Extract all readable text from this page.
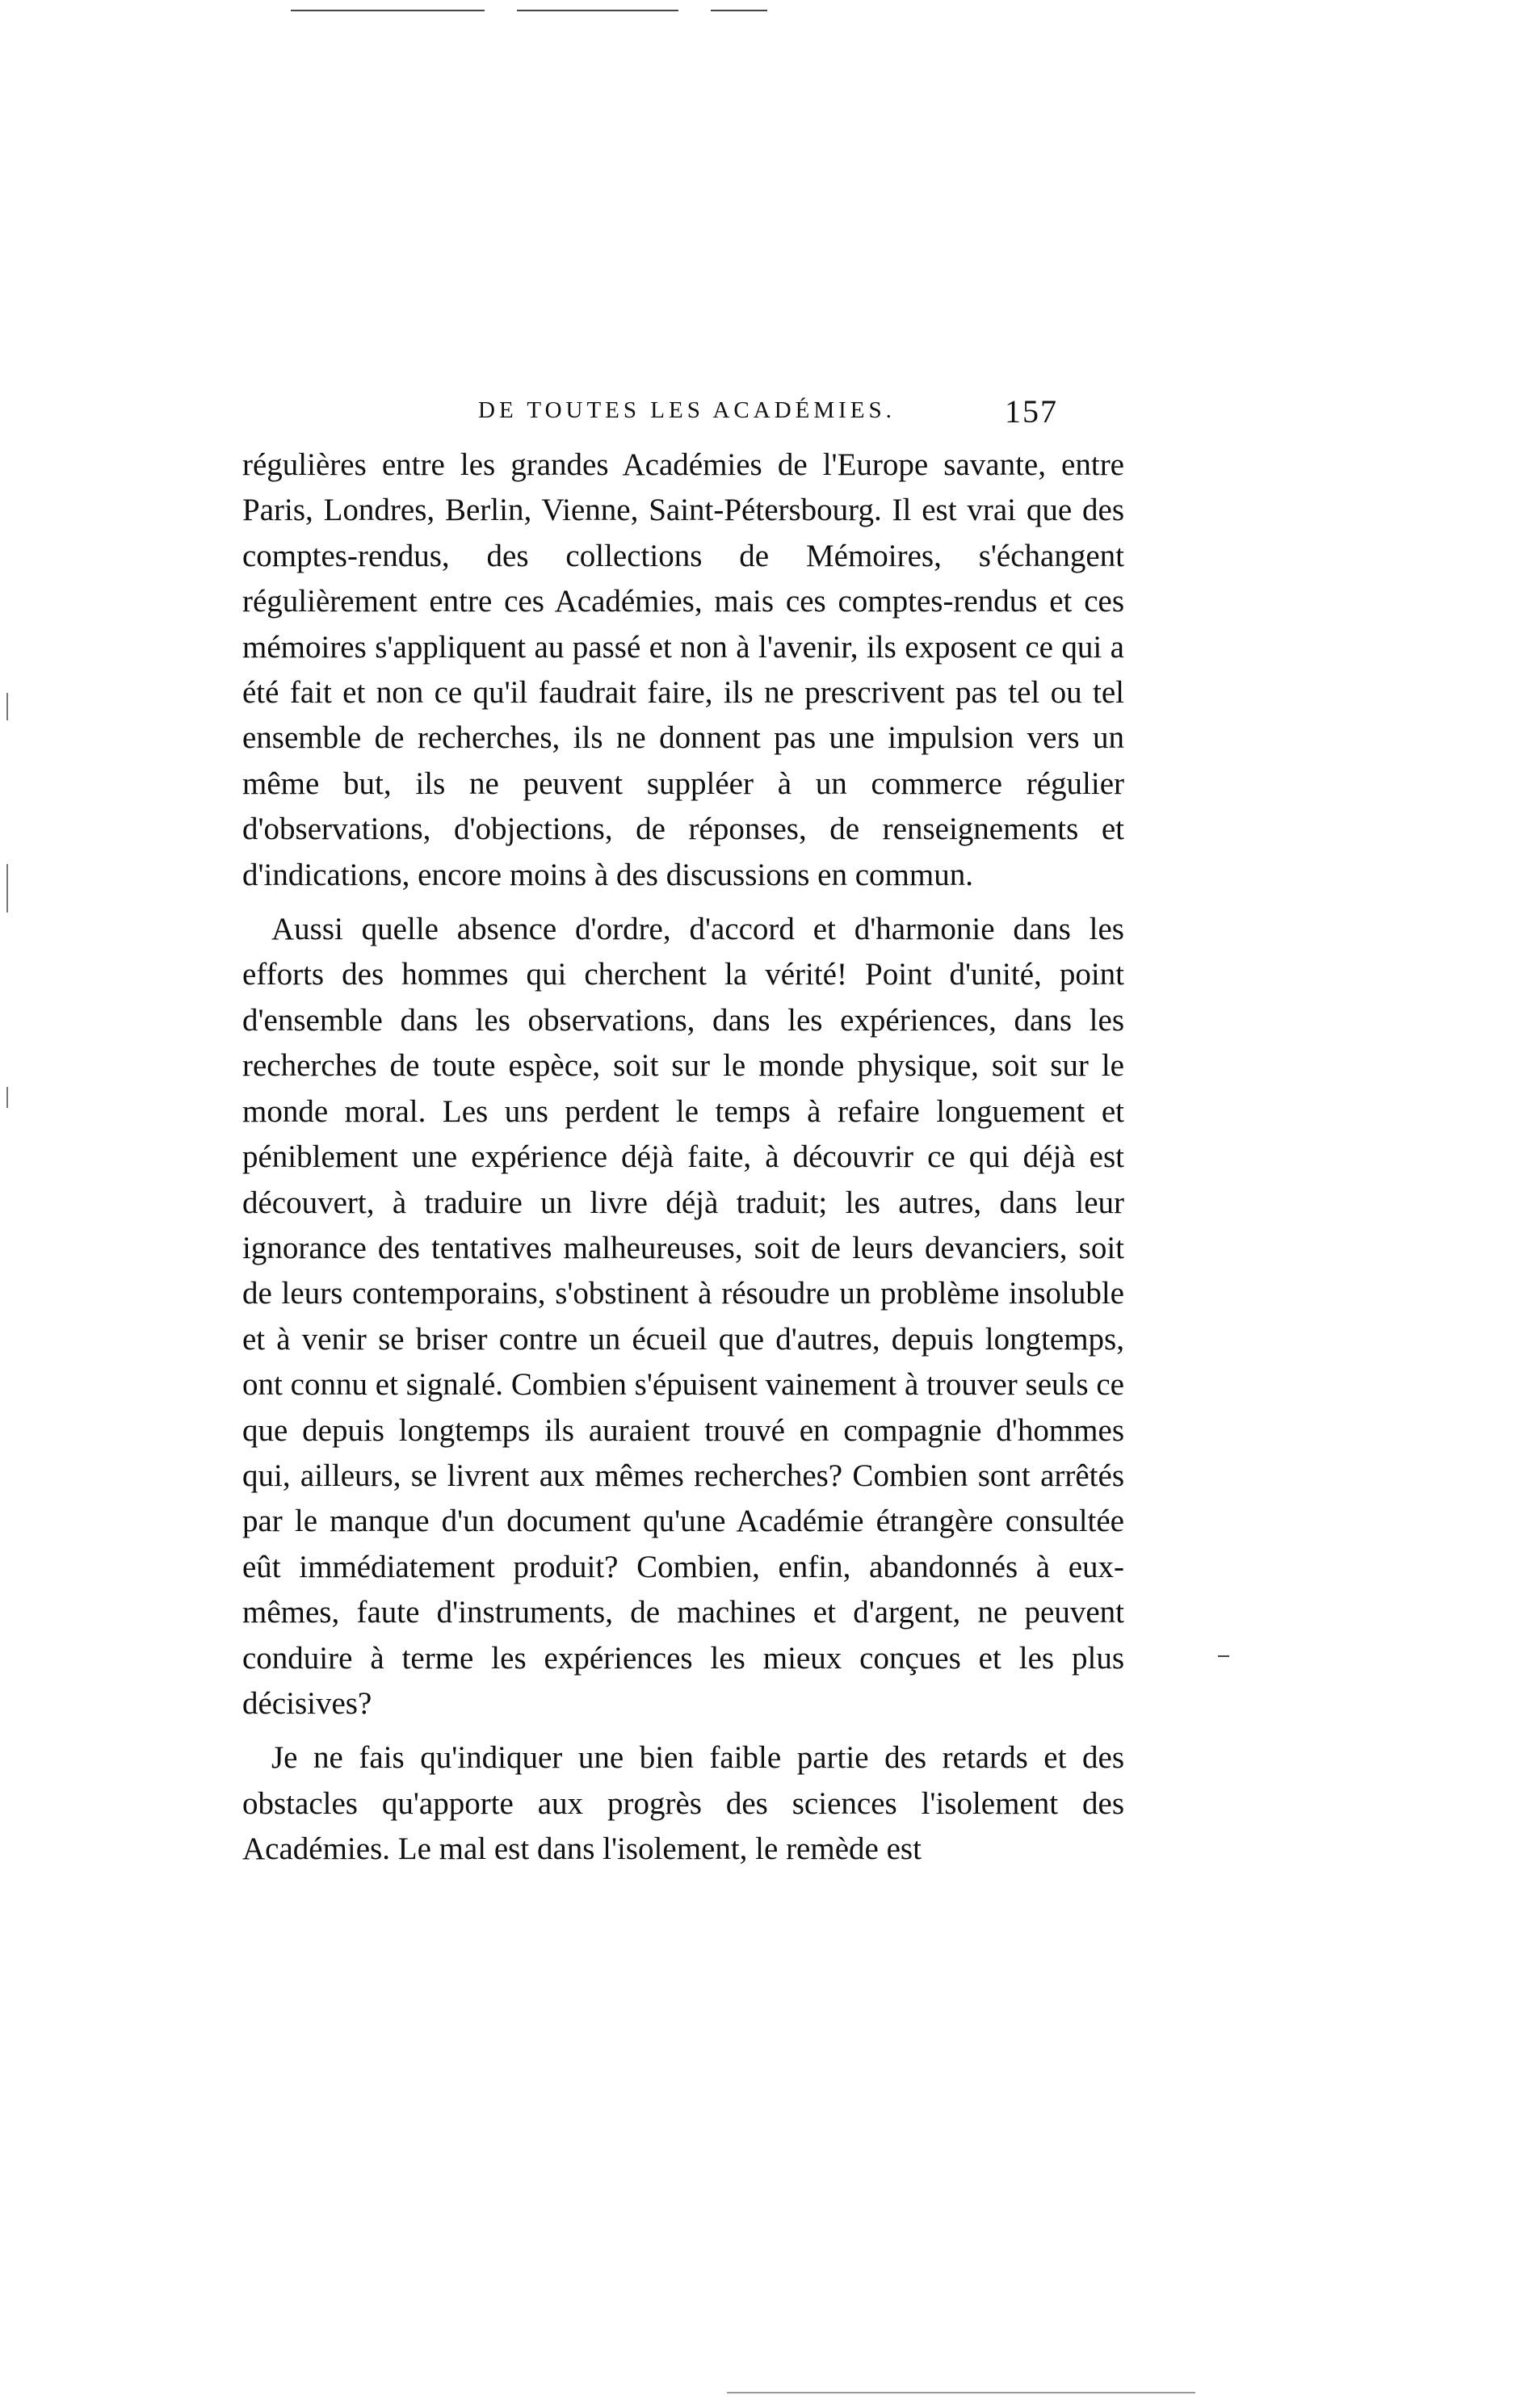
DE TOUTES LES ACADÉMIES.	157

régulières entre les grandes Académies de l'Europe savante, entre Paris, Londres, Berlin, Vienne, Saint-Pétersbourg. Il est vrai que des comptes-rendus, des collections de Mémoires, s'échangent régulièrement entre ces Académies, mais ces comptes-rendus et ces mémoires s'appliquent au passé et non à l'avenir, ils exposent ce qui a été fait et non ce qu'il faudrait faire, ils ne prescrivent pas tel ou tel ensemble de recherches, ils ne donnent pas une impulsion vers un même but, ils ne peuvent suppléer à un commerce régulier d'observations, d'objections, de réponses, de renseignements et d'indications, encore moins à des discussions en commun.

Aussi quelle absence d'ordre, d'accord et d'harmonie dans les efforts des hommes qui cherchent la vérité! Point d'unité, point d'ensemble dans les observations, dans les expériences, dans les recherches de toute espèce, soit sur le monde physique, soit sur le monde moral. Les uns perdent le temps à refaire longuement et péniblement une expérience déjà faite, à découvrir ce qui déjà est découvert, à traduire un livre déjà traduit; les autres, dans leur ignorance des tentatives malheureuses, soit de leurs devanciers, soit de leurs contemporains, s'obstinent à résoudre un problème insoluble et à venir se briser contre un écueil que d'autres, depuis longtemps, ont connu et signalé. Combien s'épuisent vainement à trouver seuls ce que depuis longtemps ils auraient trouvé en compagnie d'hommes qui, ailleurs, se livrent aux mêmes recherches? Combien sont arrêtés par le manque d'un document qu'une Académie étrangère consultée eût immédiatement produit? Combien, enfin, abandonnés à eux-mêmes, faute d'instruments, de machines et d'argent, ne peuvent conduire à terme les expériences les mieux conçues et les plus décisives?

Je ne fais qu'indiquer une bien faible partie des retards et des obstacles qu'apporte aux progrès des sciences l'isolement des Académies. Le mal est dans l'isolement, le remède est
